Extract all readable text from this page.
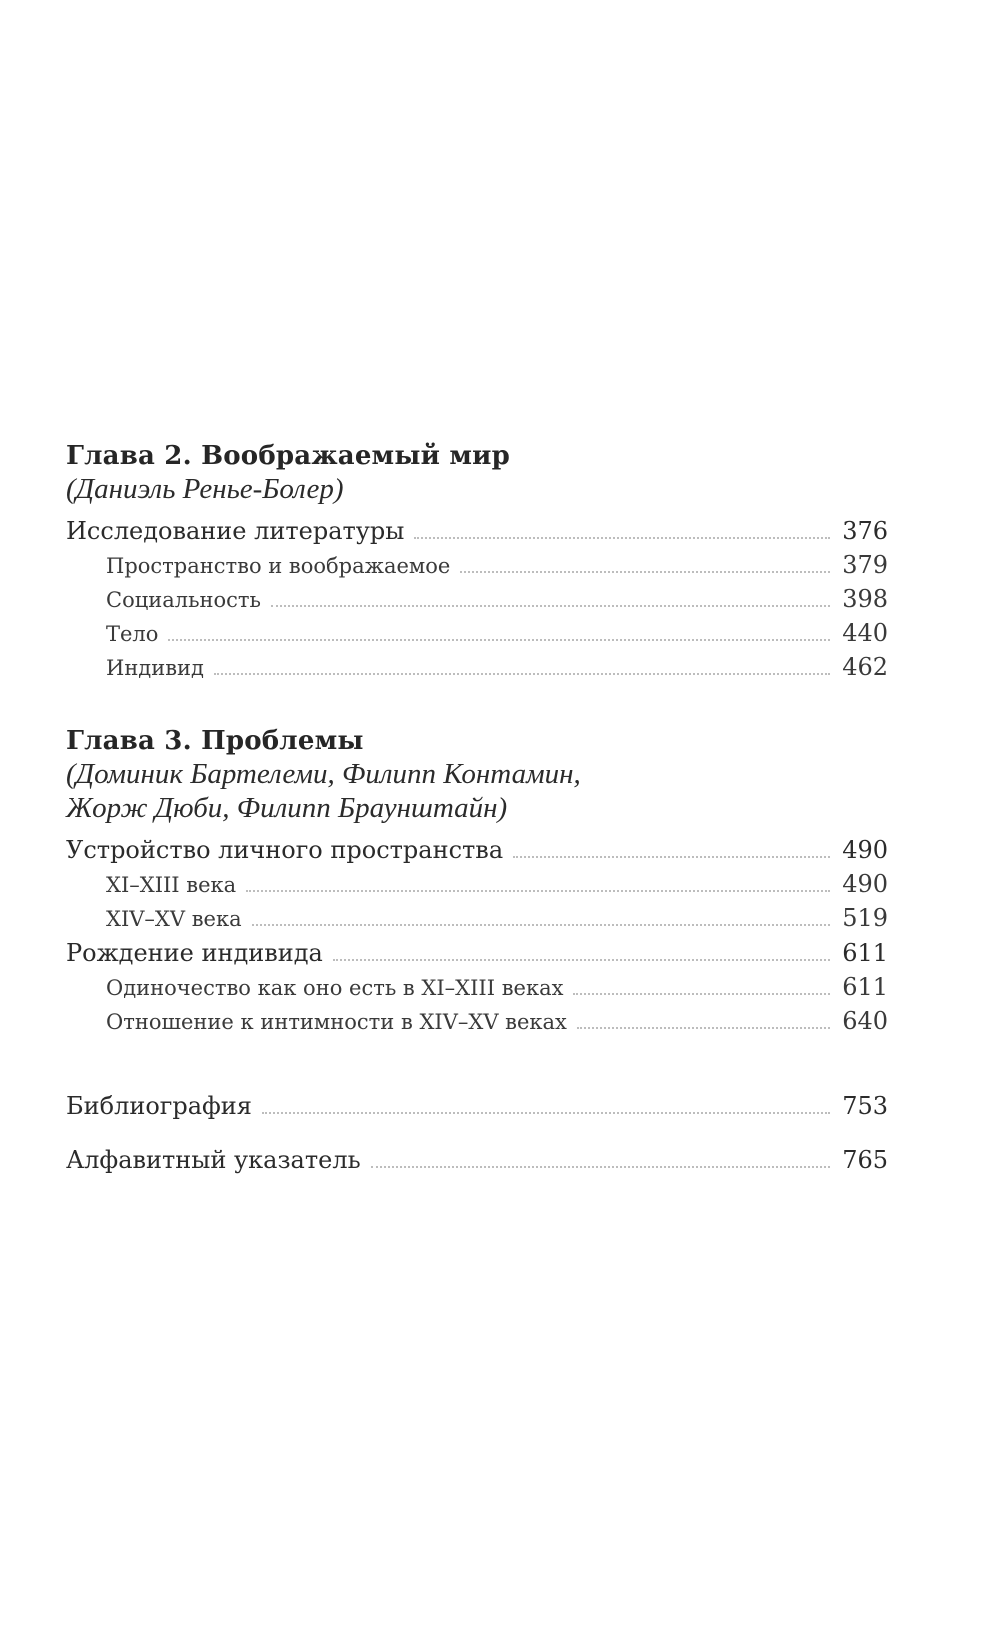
Глава 2. Воображаемый мир
(Даниэль Ренье-Болер)
Исследование литературы	376
Пространство и воображаемое	379
Социальность	398
Тело	440
Индивид	462
Глава 3. Проблемы
(Доминик Бартелеми, Филипп Контамин,
Жорж Дюби, Филипп Браунштайн)
Устройство личного пространства	490
XI–XIII века	490
XIV–XV века	519
Рождение индивида	611
Одиночество как оно есть в XI–XIII веках	611
Отношение к интимности в XIV–XV веках	640
Библиография	753
Алфавитный указатель	765
